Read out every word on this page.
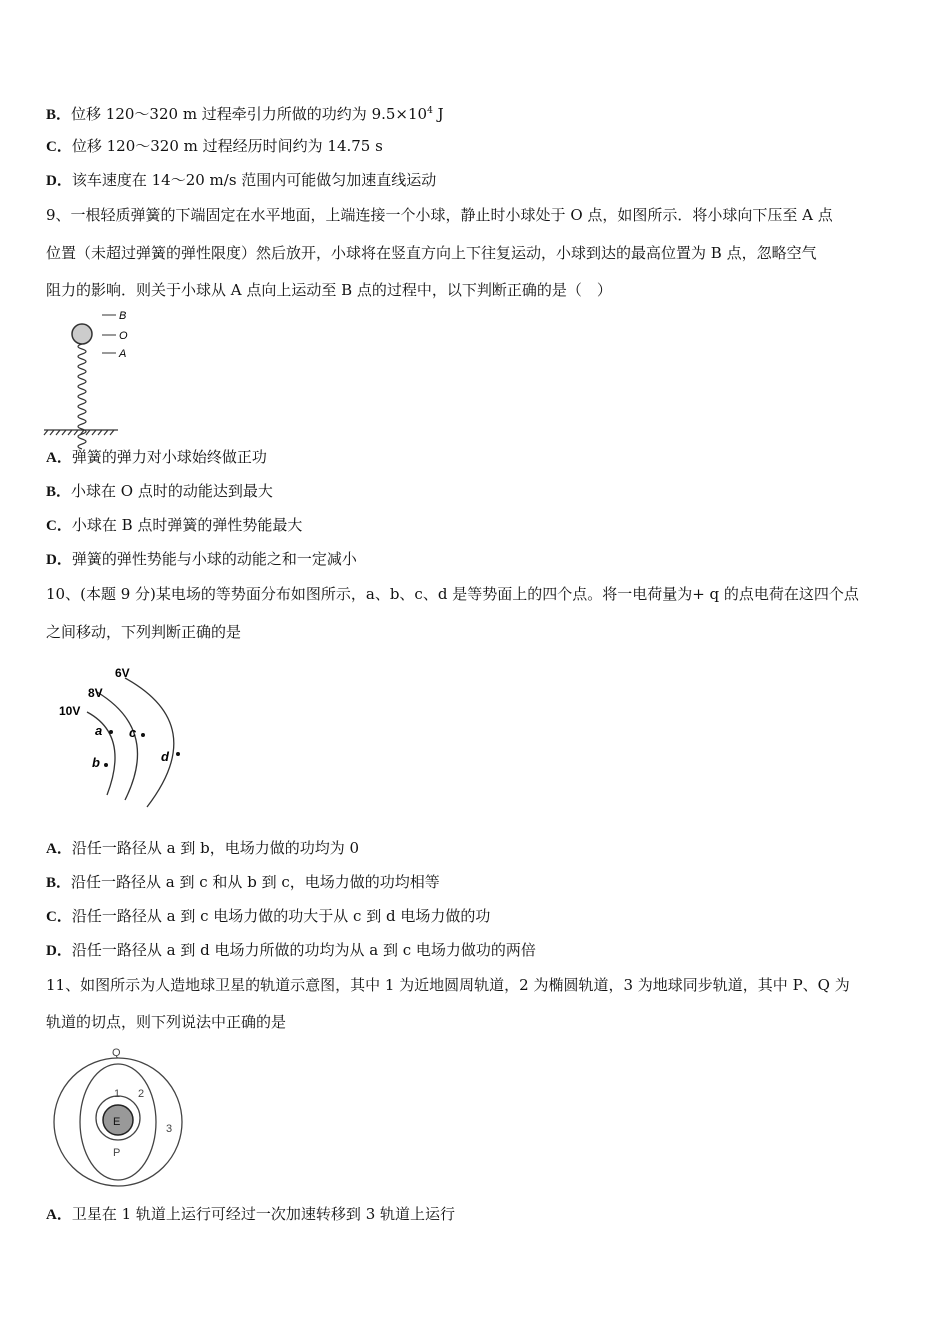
B．位移 120～320 m 过程牵引力所做的功约为 $9.5\times 10^4$ J
C．位移 120～320 m 过程经历时间约为 14.75 s
D．该车速度在 14～20 m/s 范围内可能做匀加速直线运动
9、一根轻质弹簧的下端固定在水平地面，上端连接一个小球，静止时小球处于 O 点，如图所示．将小球向下压至 A 点
位置（未超过弹簧的弹性限度）然后放开，小球将在竖直方向上下往复运动，小球到达的最高位置为 B 点，忽略空气
阻力的影响．则关于小球从 A 点向上运动至 B 点的过程中，以下判断正确的是（　）
B
O
A
A．弹簧的弹力对小球始终做正功
B．小球在 O 点时的动能达到最大
C．小球在 B 点时弹簧的弹性势能最大
D．弹簧的弹性势能与小球的动能之和一定减小
10、(本题 9 分)某电场的等势面分布如图所示，a、b、c、d 是等势面上的四个点。将一电荷量为+ q 的点电荷在这四个点
之间移动，下列判断正确的是
6V
8V
10V
a
b
c
d
A．沿任一路径从 a 到 b，电场力做的功均为 0
B．沿任一路径从 a 到 c 和从 b 到 c，电场力做的功均相等
C．沿任一路径从 a 到 c 电场力做的功大于从 c 到 d 电场力做的功
D．沿任一路径从 a 到 d 电场力所做的功均为从 a 到 c 电场力做功的两倍
11、如图所示为人造地球卫星的轨道示意图，其中 1 为近地圆周轨道，2 为椭圆轨道，3 为地球同步轨道，其中 P、Q 为
轨道的切点，则下列说法中正确的是
E
Q
P
1 2
3
A．卫星在 1 轨道上运行可经过一次加速转移到 3 轨道上运行
